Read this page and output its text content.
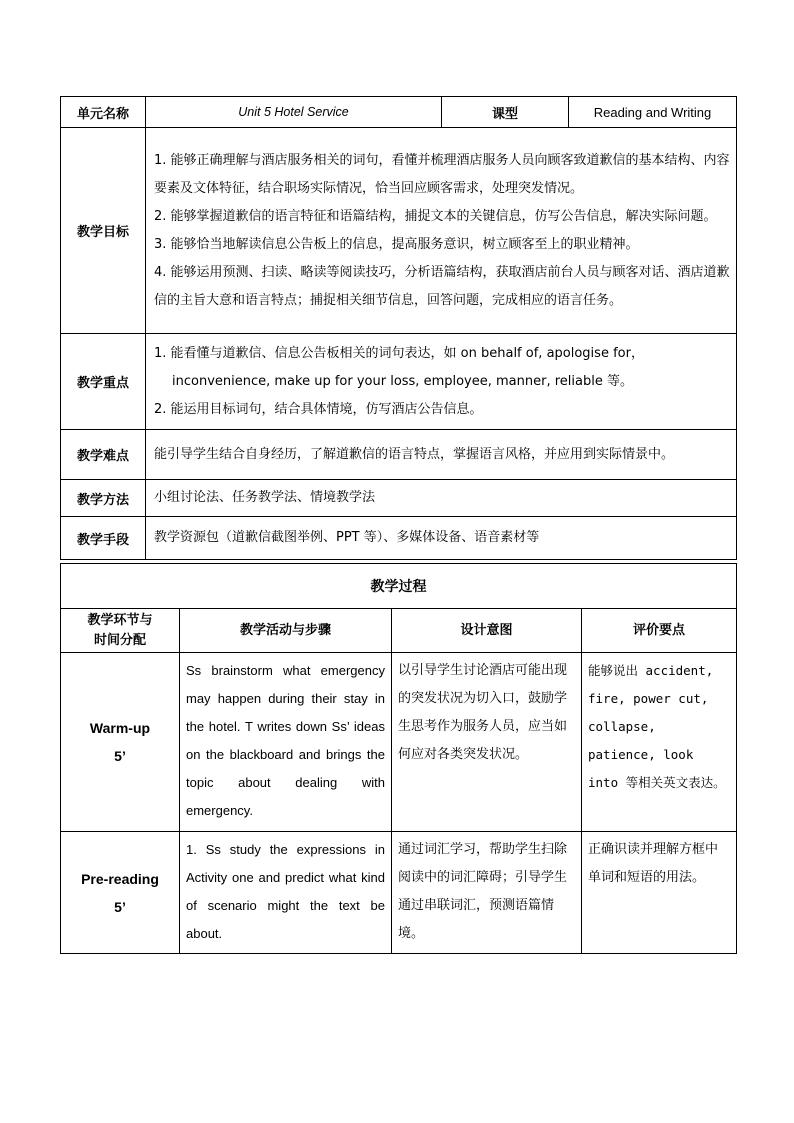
单元名称	Unit 5 Hotel Service	课型	Reading and Writing
教学目标	1. 能够正确理解与酒店服务相关的词句，看懂并梳理酒店服务人员向顾客致道歉信的基本结构、内容要素及文体特征，结合职场实际情况，恰当回应顾客需求，处理突发情况。
2. 能够掌握道歉信的语言特征和语篇结构，捕捉文本的关键信息，仿写公告信息，解决实际问题。
3. 能够恰当地解读信息公告板上的信息，提高服务意识，树立顾客至上的职业精神。
4. 能够运用预测、扫读、略读等阅读技巧，分析语篇结构，获取酒店前台人员与顾客对话、酒店道歉信的主旨大意和语言特点；捕捉相关细节信息，回答问题，完成相应的语言任务。		

教学重点	1. 能看懂与道歉信、信息公告板相关的词句表达，如 on behalf of, apologise for，
inconvenience, make up for your loss, employee, manner, reliable 等。
2. 能运用目标词句，结合具体情境，仿写酒店公告信息。		

教学难点	能引导学生结合自身经历，了解道歉信的语言特点，掌握语言风格，并应用到实际情景中。		
教学方法	小组讨论法、任务教学法、情境教学法		
教学手段	教学资源包（道歉信截图举例、PPT 等）、多媒体设备、语音素材等		
教学过程			

教学环节与
时间分配	教学活动与步骤	设计意图	评价要点

Warm-up
5’	Ss brainstorm what emergency may happen during their stay in the hotel. T writes down Ss’ ideas on the blackboard and brings the topic about dealing with emergency.	以引导学生讨论酒店可能出现的突发状况为切入口，鼓励学生思考作为服务人员，应当如何应对各类突发状况。	能够说出 accident, fire, power cut, collapse, patience, look into 等相关英文表达。

Pre-reading
5’	1. Ss study the expressions in Activity one and predict what kind of scenario might the text be about.	通过词汇学习，帮助学生扫除阅读中的词汇障碍；引导学生通过串联词汇，预测语篇情境。	正确识读并理解方框中单词和短语的用法。
